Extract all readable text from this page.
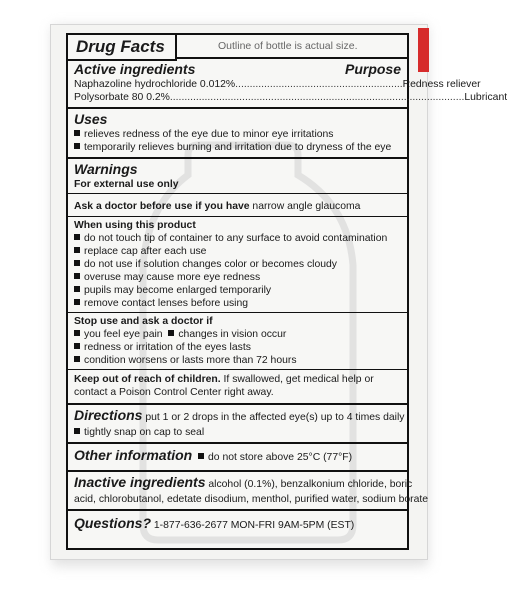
Drug Facts	Outline of bottle is actual size.
Active ingredients	Purpose
Naphazoline hydrochloride 0.012% .......................................................... Redness reliever
Polysorbate 80 0.2% ...................................................................................................... Lubricant
Uses
relieves redness of the eye due to minor eye irritations
temporarily relieves burning and irritation due to dryness of the eye
Warnings
For external use only
Ask a doctor before use if you have narrow angle glaucoma
When using this product
do not touch tip of container to any surface to avoid contamination
replace cap after each use
do not use if solution changes color or becomes cloudy
overuse may cause more eye redness
pupils may become enlarged temporarily
remove contact lenses before using
Stop use and ask a doctor if
you feel eye pain changes in vision occur
redness or irritation of the eyes lasts
condition worsens or lasts more than 72 hours
Keep out of reach of children. If swallowed, get medical help or
contact a Poison Control Center right away.
Directions put 1 or 2 drops in the affected eye(s) up to 4 times daily
tightly snap on cap to seal
Other information do not store above 25°C (77°F)
Inactive ingredients alcohol (0.1%), benzalkonium chloride, boric
acid, chlorobutanol, edetate disodium, menthol, purified water, sodium borate
Questions? 1-877-636-2677 MON-FRI 9AM-5PM (EST)
